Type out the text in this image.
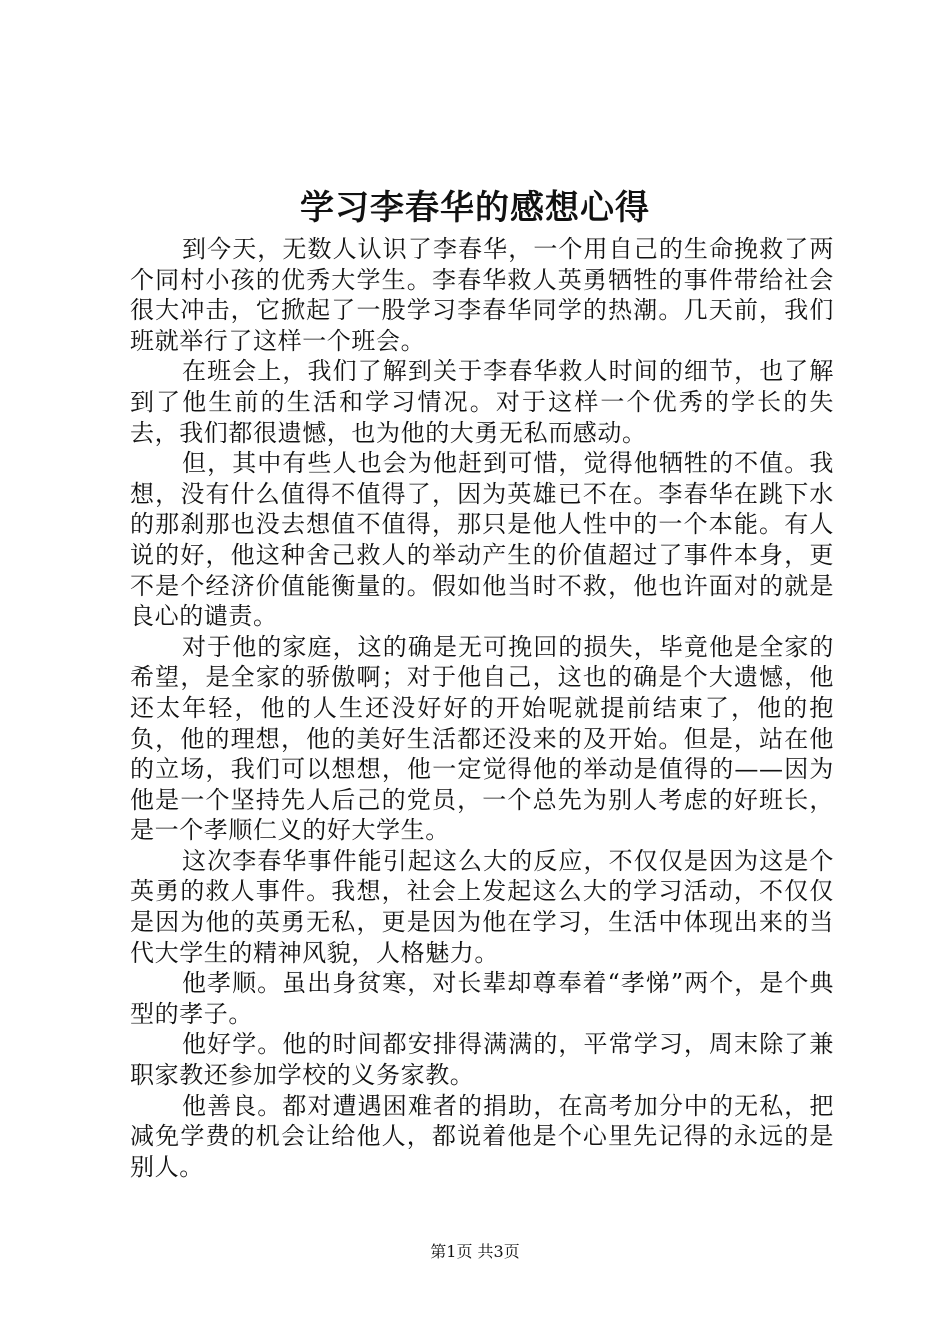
学习李春华的感想心得

到今天，无数人认识了李春华，一个用自己的生命挽救了两个同村小孩的优秀大学生。李春华救人英勇牺牲的事件带给社会很大冲击，它掀起了一股学习李春华同学的热潮。几天前，我们班就举行了这样一个班会。

在班会上，我们了解到关于李春华救人时间的细节，也了解到了他生前的生活和学习情况。对于这样一个优秀的学长的失去，我们都很遗憾，也为他的大勇无私而感动。

但，其中有些人也会为他赶到可惜，觉得他牺牲的不值。我想，没有什么值得不值得了，因为英雄已不在。李春华在跳下水的那刹那也没去想值不值得，那只是他人性中的一个本能。有人说的好，他这种舍己救人的举动产生的价值超过了事件本身，更不是个经济价值能衡量的。假如他当时不救，他也许面对的就是良心的谴责。

对于他的家庭，这的确是无可挽回的损失，毕竟他是全家的希望，是全家的骄傲啊；对于他自己，这也的确是个大遗憾，他还太年轻，他的人生还没好好的开始呢就提前结束了，他的抱负，他的理想，他的美好生活都还没来的及开始。但是，站在他的立场，我们可以想想，他一定觉得他的举动是值得的——因为他是一个坚持先人后己的党员，一个总先为别人考虑的好班长，是一个孝顺仁义的好大学生。

这次李春华事件能引起这么大的反应，不仅仅是因为这是个英勇的救人事件。我想，社会上发起这么大的学习活动，不仅仅是因为他的英勇无私，更是因为他在学习，生活中体现出来的当代大学生的精神风貌，人格魅力。

他孝顺。虽出身贫寒，对长辈却尊奉着“孝悌”两个，是个典型的孝子。

他好学。他的时间都安排得满满的，平常学习，周末除了兼职家教还参加学校的义务家教。

他善良。都对遭遇困难者的捐助，在高考加分中的无私，把减免学费的机会让给他人，都说着他是个心里先记得的永远的是别人。

第1页 共3页
